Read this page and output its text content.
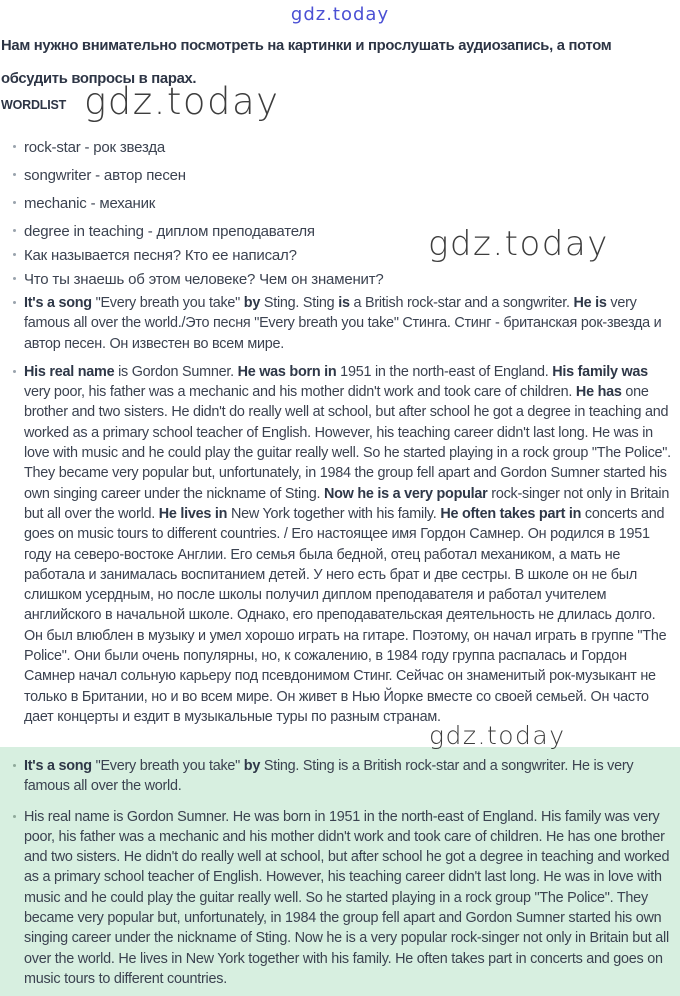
gdz.today

Нам нужно внимательно посмотреть на картинки и прослушать аудиозапись, а потом обсудить вопросы в парах.

WORDLIST
rock-star - рок звезда
songwriter - автор песен
mechanic - механик
degree in teaching - диплом преподавателя
Как называется песня? Кто ее написал?
Что ты знаешь об этом человеке? Чем он знаменит?
It's a song "Every breath you take" by Sting. Sting is a British rock-star and a songwriter. He is very famous all over the world./Это песня "Every breath you take" Стинга. Стинг - британская рок-звезда и автор песен. Он известен во всем мире.
His real name is Gordon Sumner. He was born in 1951 in the north-east of England. His family was very poor, his father was a mechanic and his mother didn't work and took care of children. He has one brother and two sisters. He didn't do really well at school, but after school he got a degree in teaching and worked as a primary school teacher of English. However, his teaching career didn't last long. He was in love with music and he could play the guitar really well. So he started playing in a rock group "The Police". They became very popular but, unfortunately, in 1984 the group fell apart and Gordon Sumner started his own singing career under the nickname of Sting. Now he is a very popular rock-singer not only in Britain but all over the world. He lives in New York together with his family. He often takes part in concerts and goes on music tours to different countries. / Его настоящее имя Гордон Самнер. Он родился в 1951 году на северо-востоке Англии. Его семья была бедной, отец работал механиком, а мать не работала и занималась воспитанием детей. У него есть брат и две сестры. В школе он не был слишком усердным, но после школы получил диплом преподавателя и работал учителем английского в начальной школе. Однако, его преподавательская деятельность не длилась долго. Он был влюблен в музыку и умел хорошо играть на гитаре. Поэтому, он начал играть в группе "The Police". Они были очень популярны, но, к сожалению, в 1984 году группа распалась и Гордон Самнер начал сольную карьеру под псевдонимом Стинг. Сейчас он знаменитый рок-музыкант не только в Британии, но и во всем мире. Он живет в Нью Йорке вместе со своей семьей. Он часто дает концерты и ездит в музыкальные туры по разным странам.
gdz.today
gdz.today
gdz.today
It's a song "Every breath you take" by Sting. Sting is a British rock-star and a songwriter. He is very famous all over the world.
His real name is Gordon Sumner. He was born in 1951 in the north-east of England. His family was very poor, his father was a mechanic and his mother didn't work and took care of children. He has one brother and two sisters. He didn't do really well at school, but after school he got a degree in teaching and worked as a primary school teacher of English. However, his teaching career didn't last long. He was in love with music and he could play the guitar really well. So he started playing in a rock group "The Police". They became very popular but, unfortunately, in 1984 the group fell apart and Gordon Sumner started his own singing career under the nickname of Sting. Now he is a very popular rock-singer not only in Britain but all over the world. He lives in New York together with his family. He often takes part in concerts and goes on music tours to different countries.
